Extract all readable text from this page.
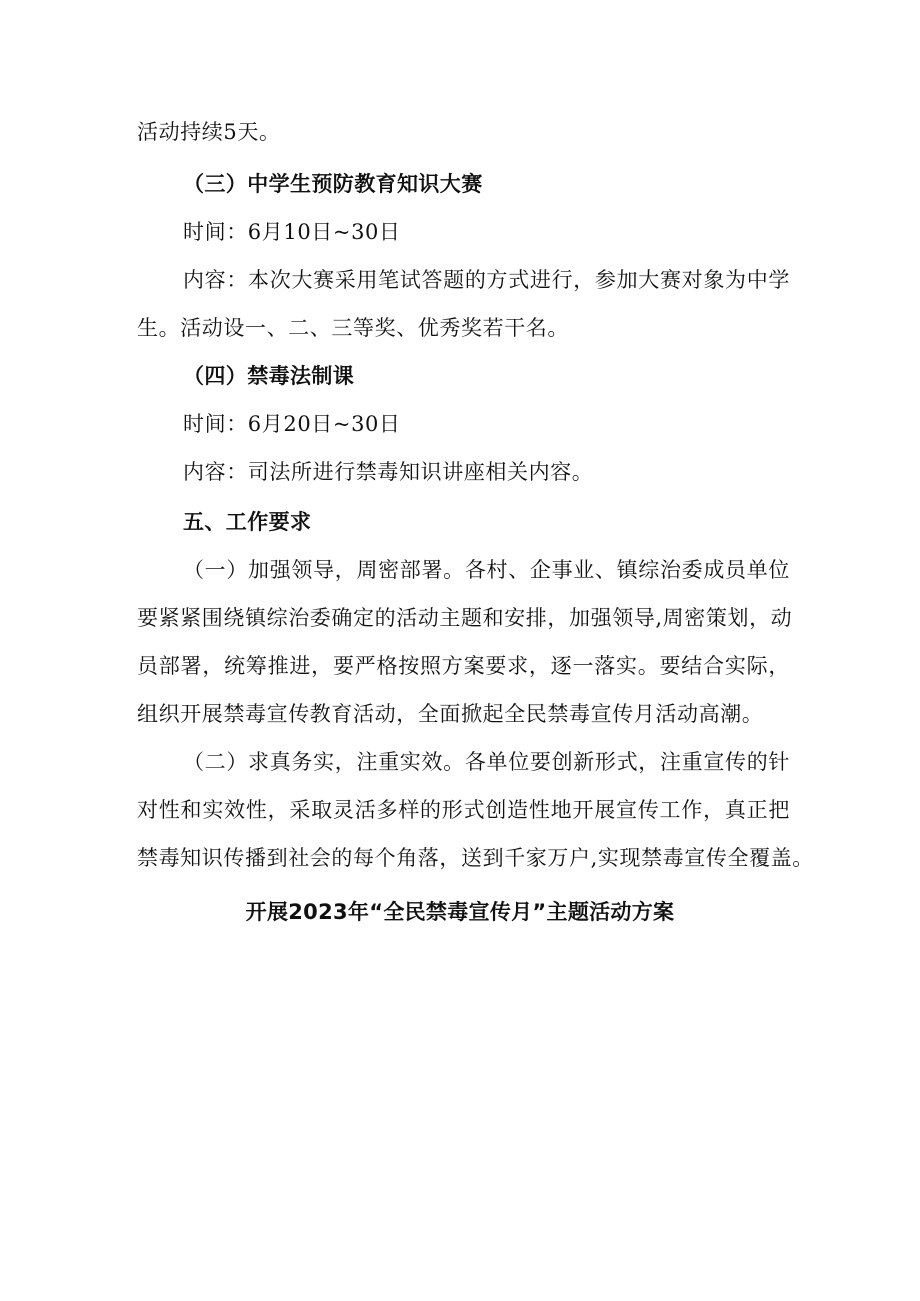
活动持续5天。
（三）中学生预防教育知识大赛
时间：6月10日~30日
内容：本次大赛采用笔试答题的方式进行，参加大赛对象为中学
生。活动设一、二、三等奖、优秀奖若干名。
（四）禁毒法制课
时间：6月20日~30日
内容：司法所进行禁毒知识讲座相关内容。
五、工作要求
（一）加强领导，周密部署。各村、企事业、镇综治委成员单位
要紧紧围绕镇综治委确定的活动主题和安排，加强领导,周密策划，动
员部署，统筹推进，要严格按照方案要求，逐一落实。要结合实际，
组织开展禁毒宣传教育活动，全面掀起全民禁毒宣传月活动高潮。
（二）求真务实，注重实效。各单位要创新形式，注重宣传的针
对性和实效性，采取灵活多样的形式创造性地开展宣传工作，真正把
禁毒知识传播到社会的每个角落，送到千家万户,实现禁毒宣传全覆盖。
开展2023年“全民禁毒宣传月”主题活动方案
